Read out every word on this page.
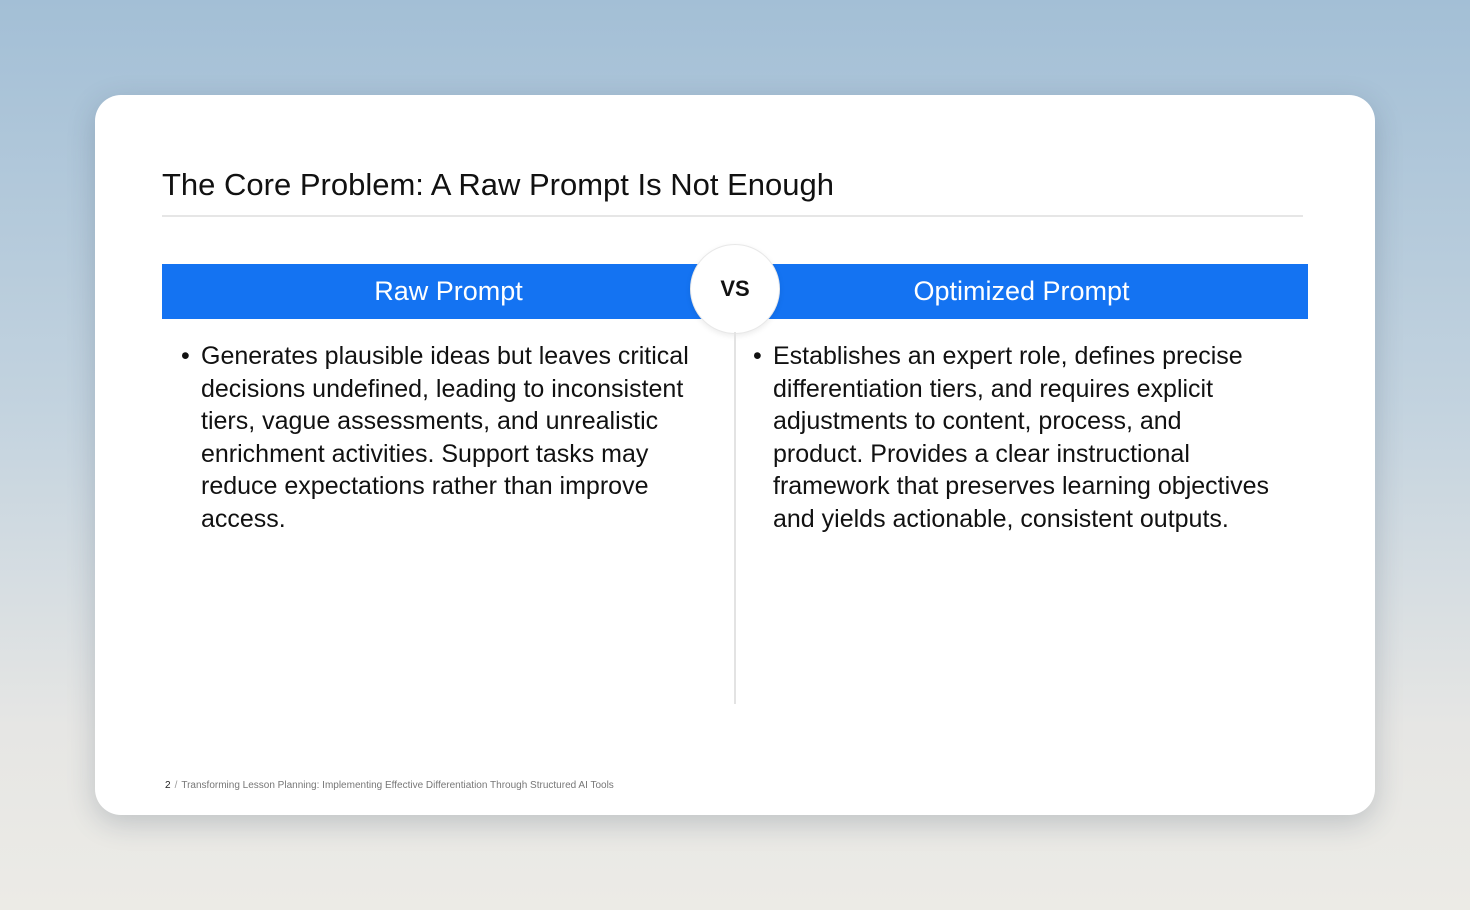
The Core Problem: A Raw Prompt Is Not Enough
Raw Prompt	Optimized Prompt
VS
• Generates plausible ideas but leaves critical decisions undefined, leading to inconsistent tiers, vague assessments, and unrealistic enrichment activities. Support tasks may reduce expectations rather than improve access.
• Establishes an expert role, defines precise differentiation tiers, and requires explicit adjustments to content, process, and product. Provides a clear instructional framework that preserves learning objectives and yields actionable, consistent outputs.
2 / Transforming Lesson Planning: Implementing Effective Differentiation Through Structured AI Tools
